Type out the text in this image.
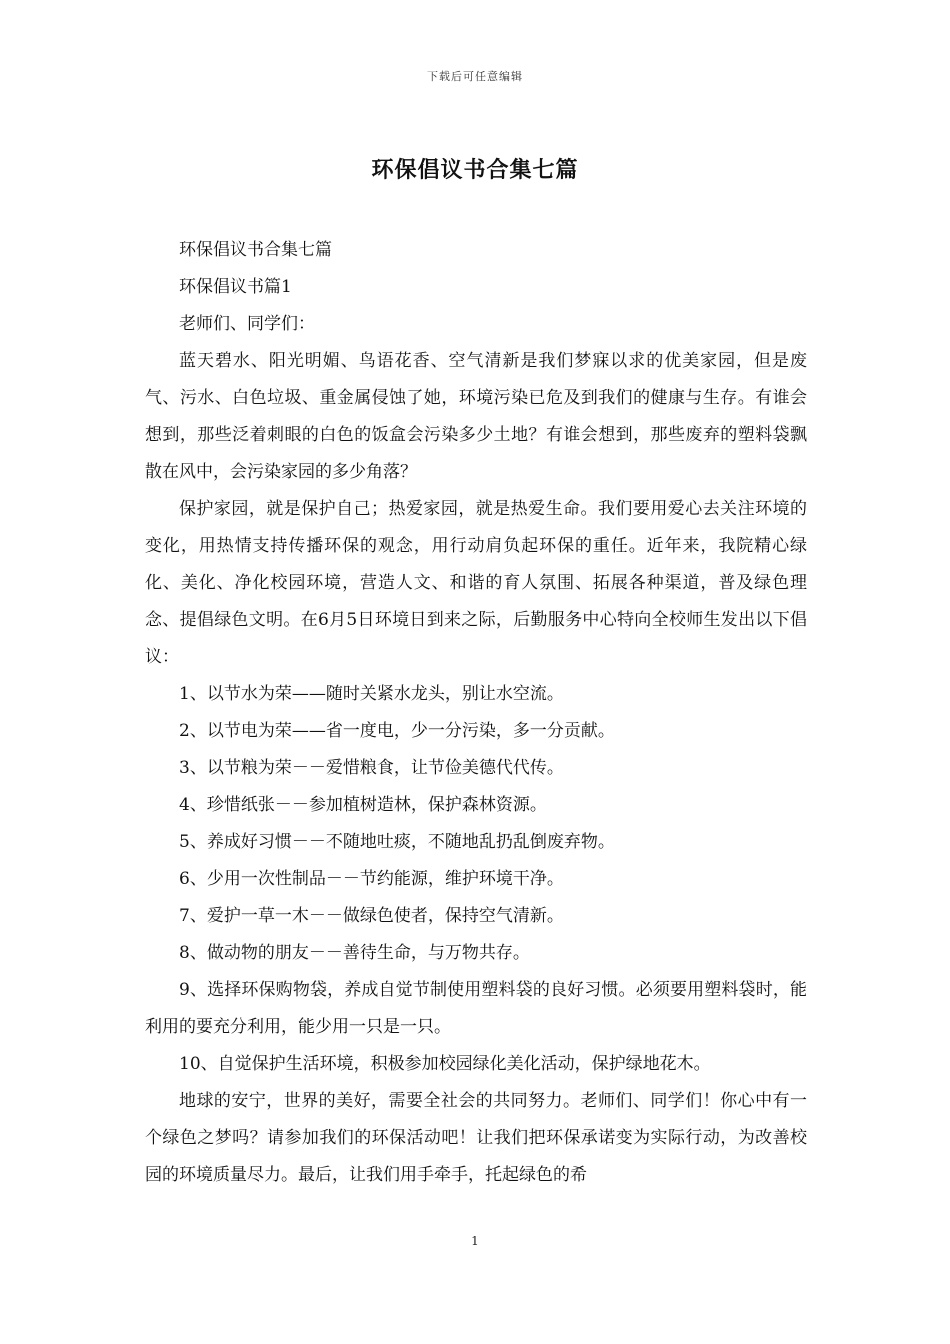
下载后可任意编辑
环保倡议书合集七篇

环保倡议书合集七篇

环保倡议书篇1

老师们、同学们：

蓝天碧水、阳光明媚、鸟语花香、空气清新是我们梦寐以求的优美家园，但是废气、污水、白色垃圾、重金属侵蚀了她，环境污染已危及到我们的健康与生存。有谁会想到，那些泛着刺眼的白色的饭盒会污染多少土地？有谁会想到，那些废弃的塑料袋飘散在风中，会污染家园的多少角落？

保护家园，就是保护自己；热爱家园，就是热爱生命。我们要用爱心去关注环境的变化，用热情支持传播环保的观念，用行动肩负起环保的重任。近年来，我院精心绿化、美化、净化校园环境，营造人文、和谐的育人氛围、拓展各种渠道，普及绿色理念、提倡绿色文明。在6月5日环境日到来之际，后勤服务中心特向全校师生发出以下倡议：

1、以节水为荣——随时关紧水龙头，别让水空流。

2、以节电为荣——省一度电，少一分污染，多一分贡献。

3、以节粮为荣－－爱惜粮食，让节俭美德代代传。

4、珍惜纸张－－参加植树造林，保护森林资源。

5、养成好习惯－－不随地吐痰，不随地乱扔乱倒废弃物。

6、少用一次性制品－－节约能源，维护环境干净。

7、爱护一草一木－－做绿色使者，保持空气清新。

8、做动物的朋友－－善待生命，与万物共存。

9、选择环保购物袋，养成自觉节制使用塑料袋的良好习惯。必须要用塑料袋时，能利用的要充分利用，能少用一只是一只。

10、自觉保护生活环境，积极参加校园绿化美化活动，保护绿地花木。

地球的安宁，世界的美好，需要全社会的共同努力。老师们、同学们！你心中有一个绿色之梦吗？请参加我们的环保活动吧！让我们把环保承诺变为实际行动，为改善校园的环境质量尽力。最后，让我们用手牵手，托起绿色的希

1
